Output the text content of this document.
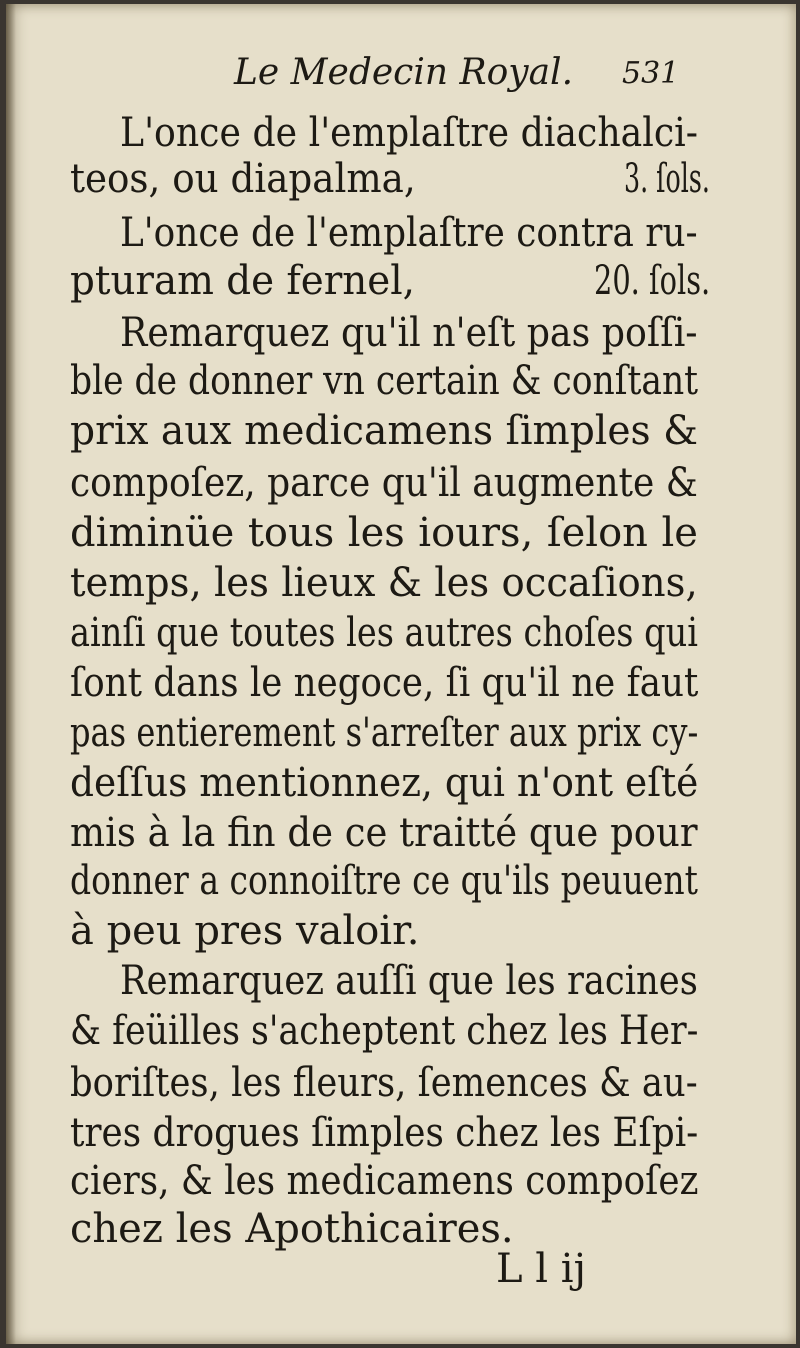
Le Medecin Royal. 531
L'once de l'emplaſtre diachalci-
teos, ou diapalma,	3. ſols.
L'once de l'emplaſtre contra ru-
pturam de fernel,	20. ſols.
Remarquez qu'il n'eſt pas poſſi-
ble de donner vn certain & conſtant
prix aux medicamens ſimples &
compoſez, parce qu'il augmente &
diminüe tous les iours, ſelon le
temps, les lieux & les occaſions,
ainſi que toutes les autres choſes qui
ſont dans le negoce, ſi qu'il ne faut
pas entierement s'arreſter aux prix cy-
deſſus mentionnez, qui n'ont eſté
mis à la fin de ce traitté que pour
donner a connoiſtre ce qu'ils peuuent
à peu pres valoir.
Remarquez auſſi que les racines
& feüilles s'acheptent chez les Her-
boriſtes, les fleurs, ſemences & au-
tres drogues ſimples chez les Eſpi-
ciers, & les medicamens compoſez
chez les Apothicaires.
L l ij
